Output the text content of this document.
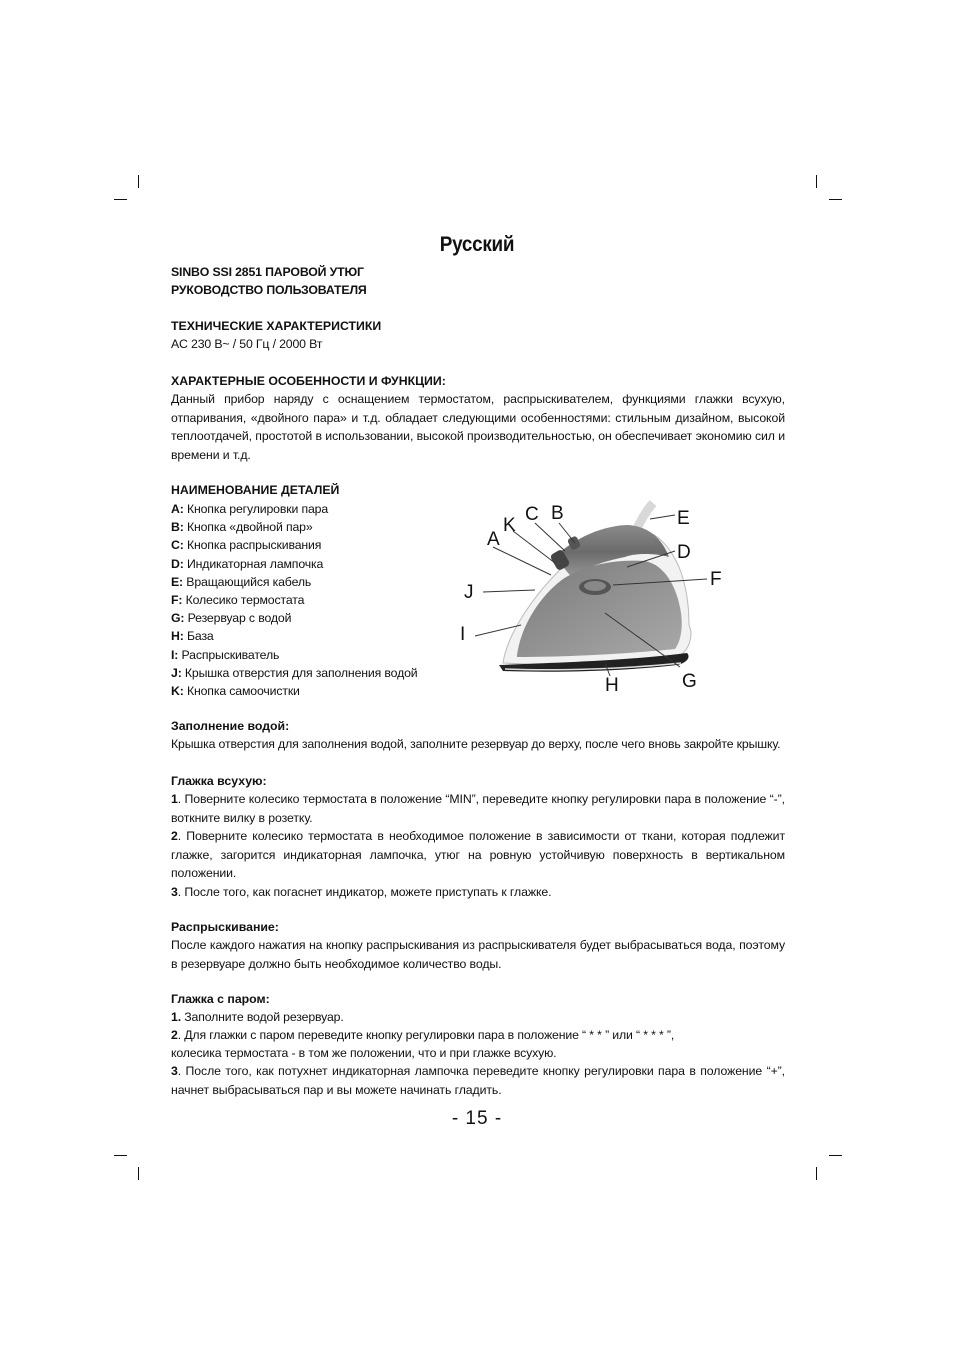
Русский
SINBO SSI 2851 ПАРОВОЙ УТЮГ
РУКОВОДСТВО ПОЛЬЗОВАТЕЛЯ
ТЕХНИЧЕСКИЕ ХАРАКТЕРИСТИКИ
AC 230 В~ / 50 Гц / 2000 Вт
ХАРАКТЕРНЫЕ ОСОБЕННОСТИ И ФУНКЦИИ:
Данный прибор наряду с оснащением термостатом, распрыскивателем, функциями глажки всухую, отпаривания, «двойного пара» и т.д. обладает следующими особенностями: стильным дизайном, высокой теплоотдачей, простотой в использовании, высокой производительностью, он обеспечивает экономию сил и времени и т.д.
НАИМЕНОВАНИЕ ДЕТАЛЕЙ
A: Кнопка регулировки пара
B: Кнопка «двойной пар»
C: Кнопка распрыскивания
D: Индикаторная лампочка
E: Вращающийся кабель
F: Колесико термостата
G: Резервуар с водой
H: База
I: Распрыскиватель
J: Крышка отверстия для заполнения водой
K: Кнопка самоочистки
A
K
C B	E
D
F
J
I
G
H
Заполнение водой:
Крышка отверстия для заполнения водой, заполните резервуар до верху, после чего вновь закройте крышку.
Глажка всухую:
1. Поверните колесико термостата в положение “MIN”, переведите кнопку регулировки пара в положение “-”, воткните вилку в розетку.
2. Поверните колесико термостата в необходимое положение в зависимости от ткани, которая подлежит глажке, загорится индикаторная лампочка, утюг на ровную устойчивую поверхность в вертикальном положении.
3. После того, как погаснет индикатор, можете приступать к глажке.
Распрыскивание:
После каждого нажатия на кнопку распрыскивания из распрыскивателя будет выбрасываться вода, поэтому в резервуаре должно быть необходимое количество воды.
Глажка с паром:
1. Заполните водой резервуар.
2. Для глажки с паром переведите кнопку регулировки пара в положение “ * * ” или “ * * * ”,
колесика термостата - в том же положении, что и при глажке всухую.
3. После того, как потухнет индикаторная лампочка переведите кнопку регулировки пара в положение “+”, начнет выбрасываться пар и вы можете начинать гладить.
- 15 -
